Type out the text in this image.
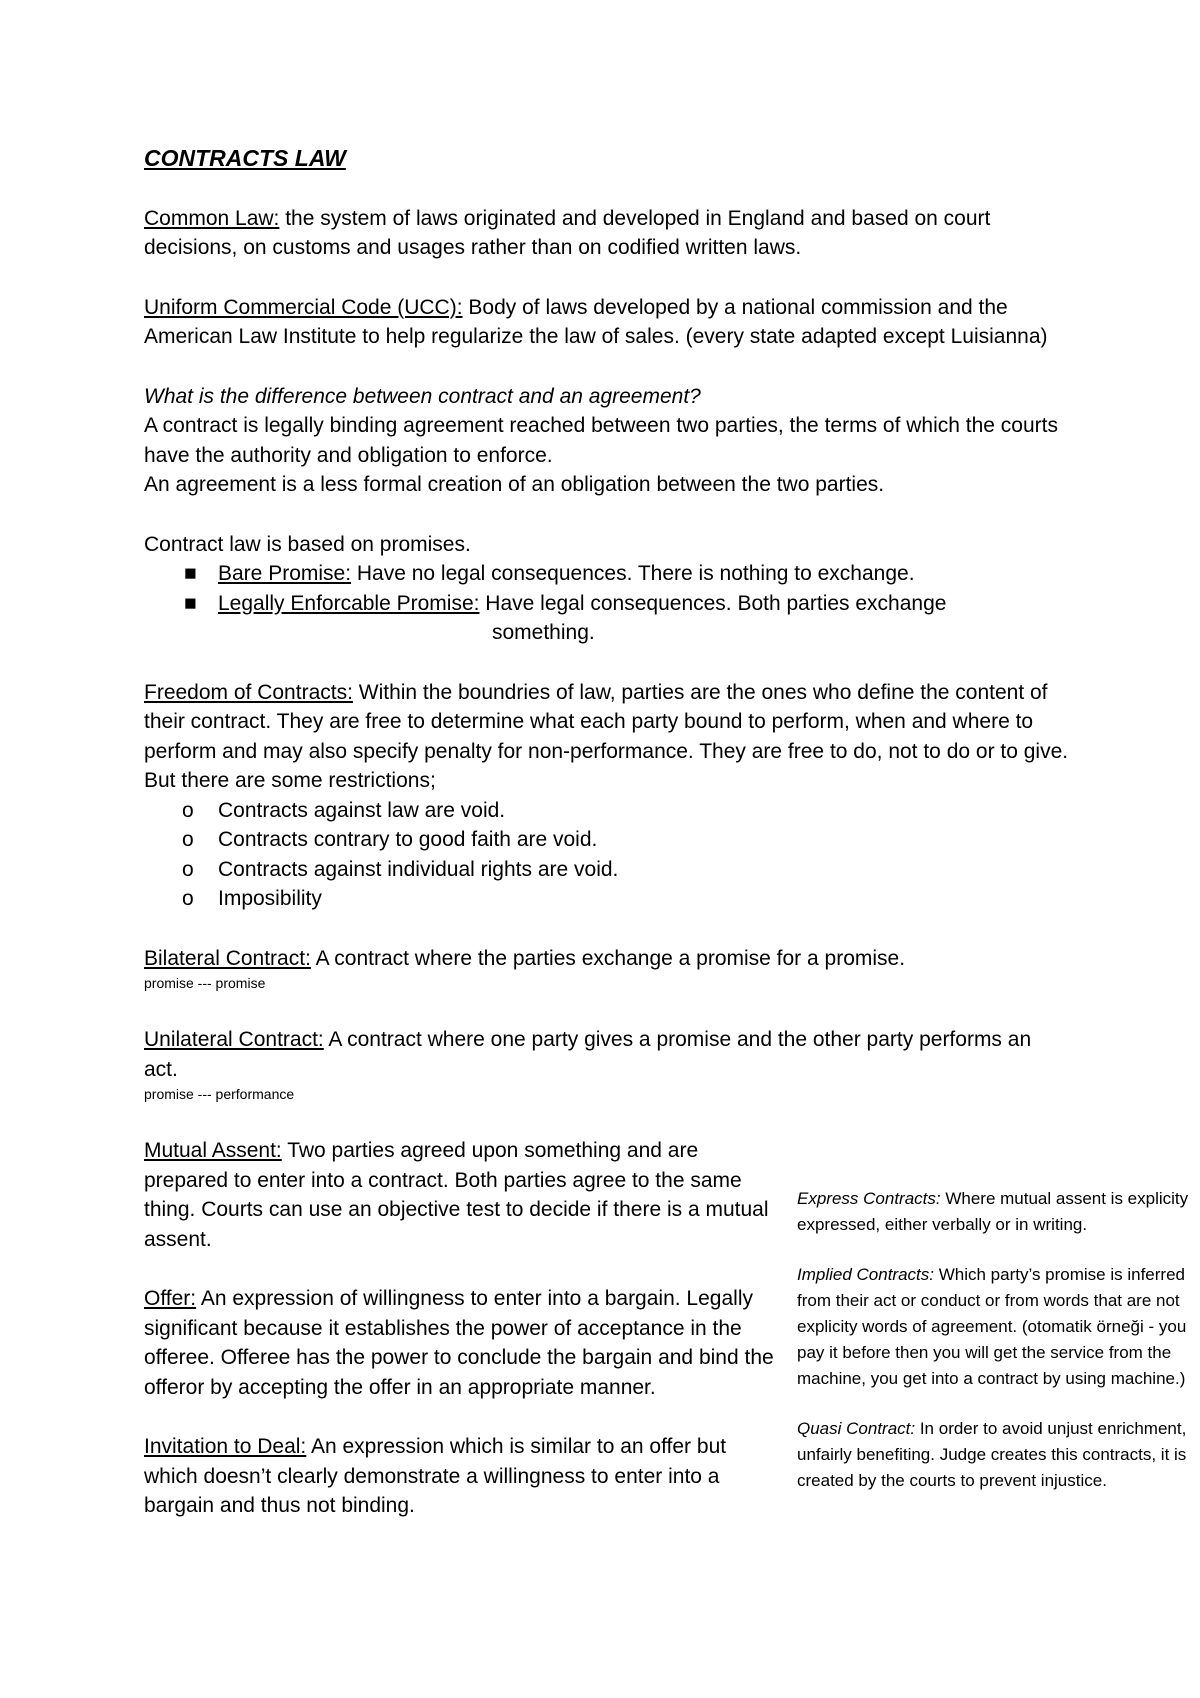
CONTRACTS LAW

Common Law: the system of laws originated and developed in England and based on court decisions, on customs and usages rather than on codified written laws.

Uniform Commercial Code (UCC): Body of laws developed by a national commission and the American Law Institute to help regularize the law of sales. (every state adapted except Luisianna)

What is the difference between contract and an agreement?

A contract is legally binding agreement reached between two parties, the terms of which the courts have the authority and obligation to enforce.

An agreement is a less formal creation of an obligation between the two parties.

Contract law is based on promises.

■ Bare Promise: Have no legal consequences. There is nothing to exchange.
■ Legally Enforcable Promise: Have legal consequences. Both parties exchange

something.

Freedom of Contracts: Within the boundries of law, parties are the ones who define the content of their contract. They are free to determine what each party bound to perform, when and where to perform and may also specify penalty for non-performance. They are free to do, not to do or to give.

But there are some restrictions;

o Contracts against law are void.
o Contracts contrary to good faith are void.
o Contracts against individual rights are void.
o Imposibility

Bilateral Contract: A contract where the parties exchange a promise for a promise.

promise --- promise

Unilateral Contract: A contract where one party gives a promise and the other party performs an act.

promise --- performance

Mutual Assent: Two parties agreed upon something and are prepared to enter into a contract. Both parties agree to the same thing. Courts can use an objective test to decide if there is a mutual assent.

Offer: An expression of willingness to enter into a bargain. Legally significant because it establishes the power of acceptance in the offeree. Offeree has the power to conclude the bargain and bind the offeror by accepting the offer in an appropriate manner.

Invitation to Deal: An expression which is similar to an offer but which doesn’t clearly demonstrate a willingness to enter into a bargain and thus not binding.

Express Contracts: Where mutual assent is explicity expressed, either verbally or in writing.

Implied Contracts: Which party’s promise is inferred from their act or conduct or from words that are not explicity words of agreement. (otomatik örneği - you pay it before then you will get the service from the machine, you get into a contract by using machine.)

Quasi Contract: In order to avoid unjust enrichment, unfairly benefiting. Judge creates this contracts, it is created by the courts to prevent injustice.
